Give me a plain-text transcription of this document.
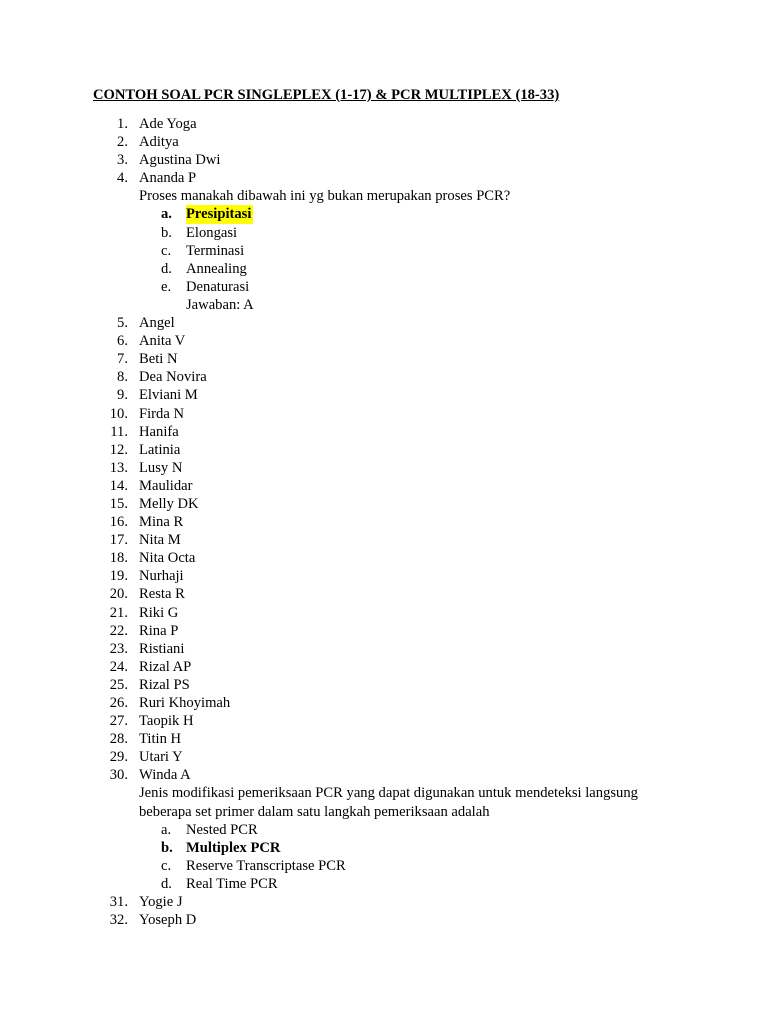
CONTOH SOAL PCR SINGLEPLEX (1-17) & PCR MULTIPLEX (18-33)
1. Ade Yoga
2. Aditya
3. Agustina Dwi
4. Ananda P
Proses manakah dibawah ini yg bukan merupakan proses PCR?
a. Presipitasi
b. Elongasi
c.	Terminasi
d. Annealing
e.	Denaturasi
Jawaban: A
5. Angel
6. Anita V
7. Beti N
8. Dea Novira
9. Elviani M
10. Firda N
11. Hanifa
12. Latinia
13. Lusy N
14. Maulidar
15. Melly DK
16. Mina R
17. Nita M
18. Nita Octa
19. Nurhaji
20. Resta R
21. Riki G
22. Rina P
23. Ristiani
24. Rizal AP
25. Rizal PS
26. Ruri Khoyimah
27. Taopik H
28. Titin H
29. Utari Y
30. Winda A
Jenis modifikasi pemeriksaan PCR yang dapat digunakan untuk mendeteksi langsung
beberapa set primer dalam satu langkah pemeriksaan adalah
a.	Nested PCR
b. Multiplex PCR
c.	Reserve Transcriptase PCR
d. Real Time PCR
31. Yogie J
32. Yoseph D
